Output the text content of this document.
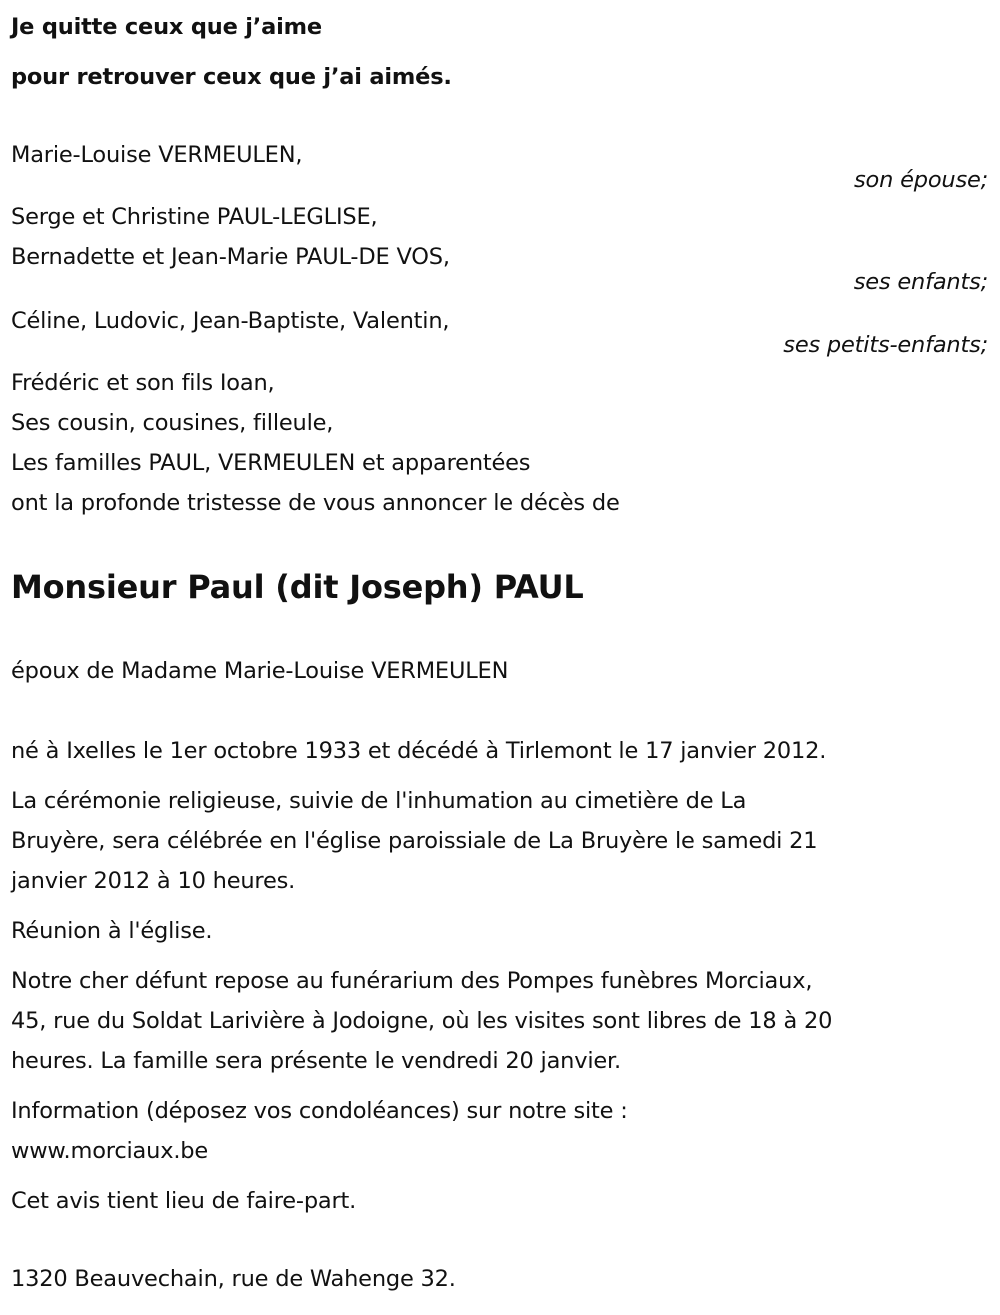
Je quitte ceux que j’aime
pour retrouver ceux que j’ai aimés.
Marie-Louise VERMEULEN,
son épouse;
Serge et Christine PAUL-LEGLISE,
Bernadette et Jean-Marie PAUL-DE VOS,
ses enfants;
Céline, Ludovic, Jean-Baptiste, Valentin,
ses petits-enfants;
Frédéric et son fils Ioan,
Ses cousin, cousines, filleule,
Les familles PAUL, VERMEULEN et apparentées
ont la profonde tristesse de vous annoncer le décès de
Monsieur Paul (dit Joseph) PAUL
époux de Madame Marie-Louise VERMEULEN
né à Ixelles le 1er octobre 1933 et décédé à Tirlemont le 17 janvier 2012.
La cérémonie religieuse, suivie de l'inhumation au cimetière de La
Bruyère, sera célébrée en l'église paroissiale de La Bruyère le samedi 21
janvier 2012 à 10 heures.
Réunion à l'église.
Notre cher défunt repose au funérarium des Pompes funèbres Morciaux,
45, rue du Soldat Larivière à Jodoigne, où les visites sont libres de 18 à 20
heures. La famille sera présente le vendredi 20 janvier.
Information (déposez vos condoléances) sur notre site :
www.morciaux.be
Cet avis tient lieu de faire-part.
1320 Beauvechain, rue de Wahenge 32.
